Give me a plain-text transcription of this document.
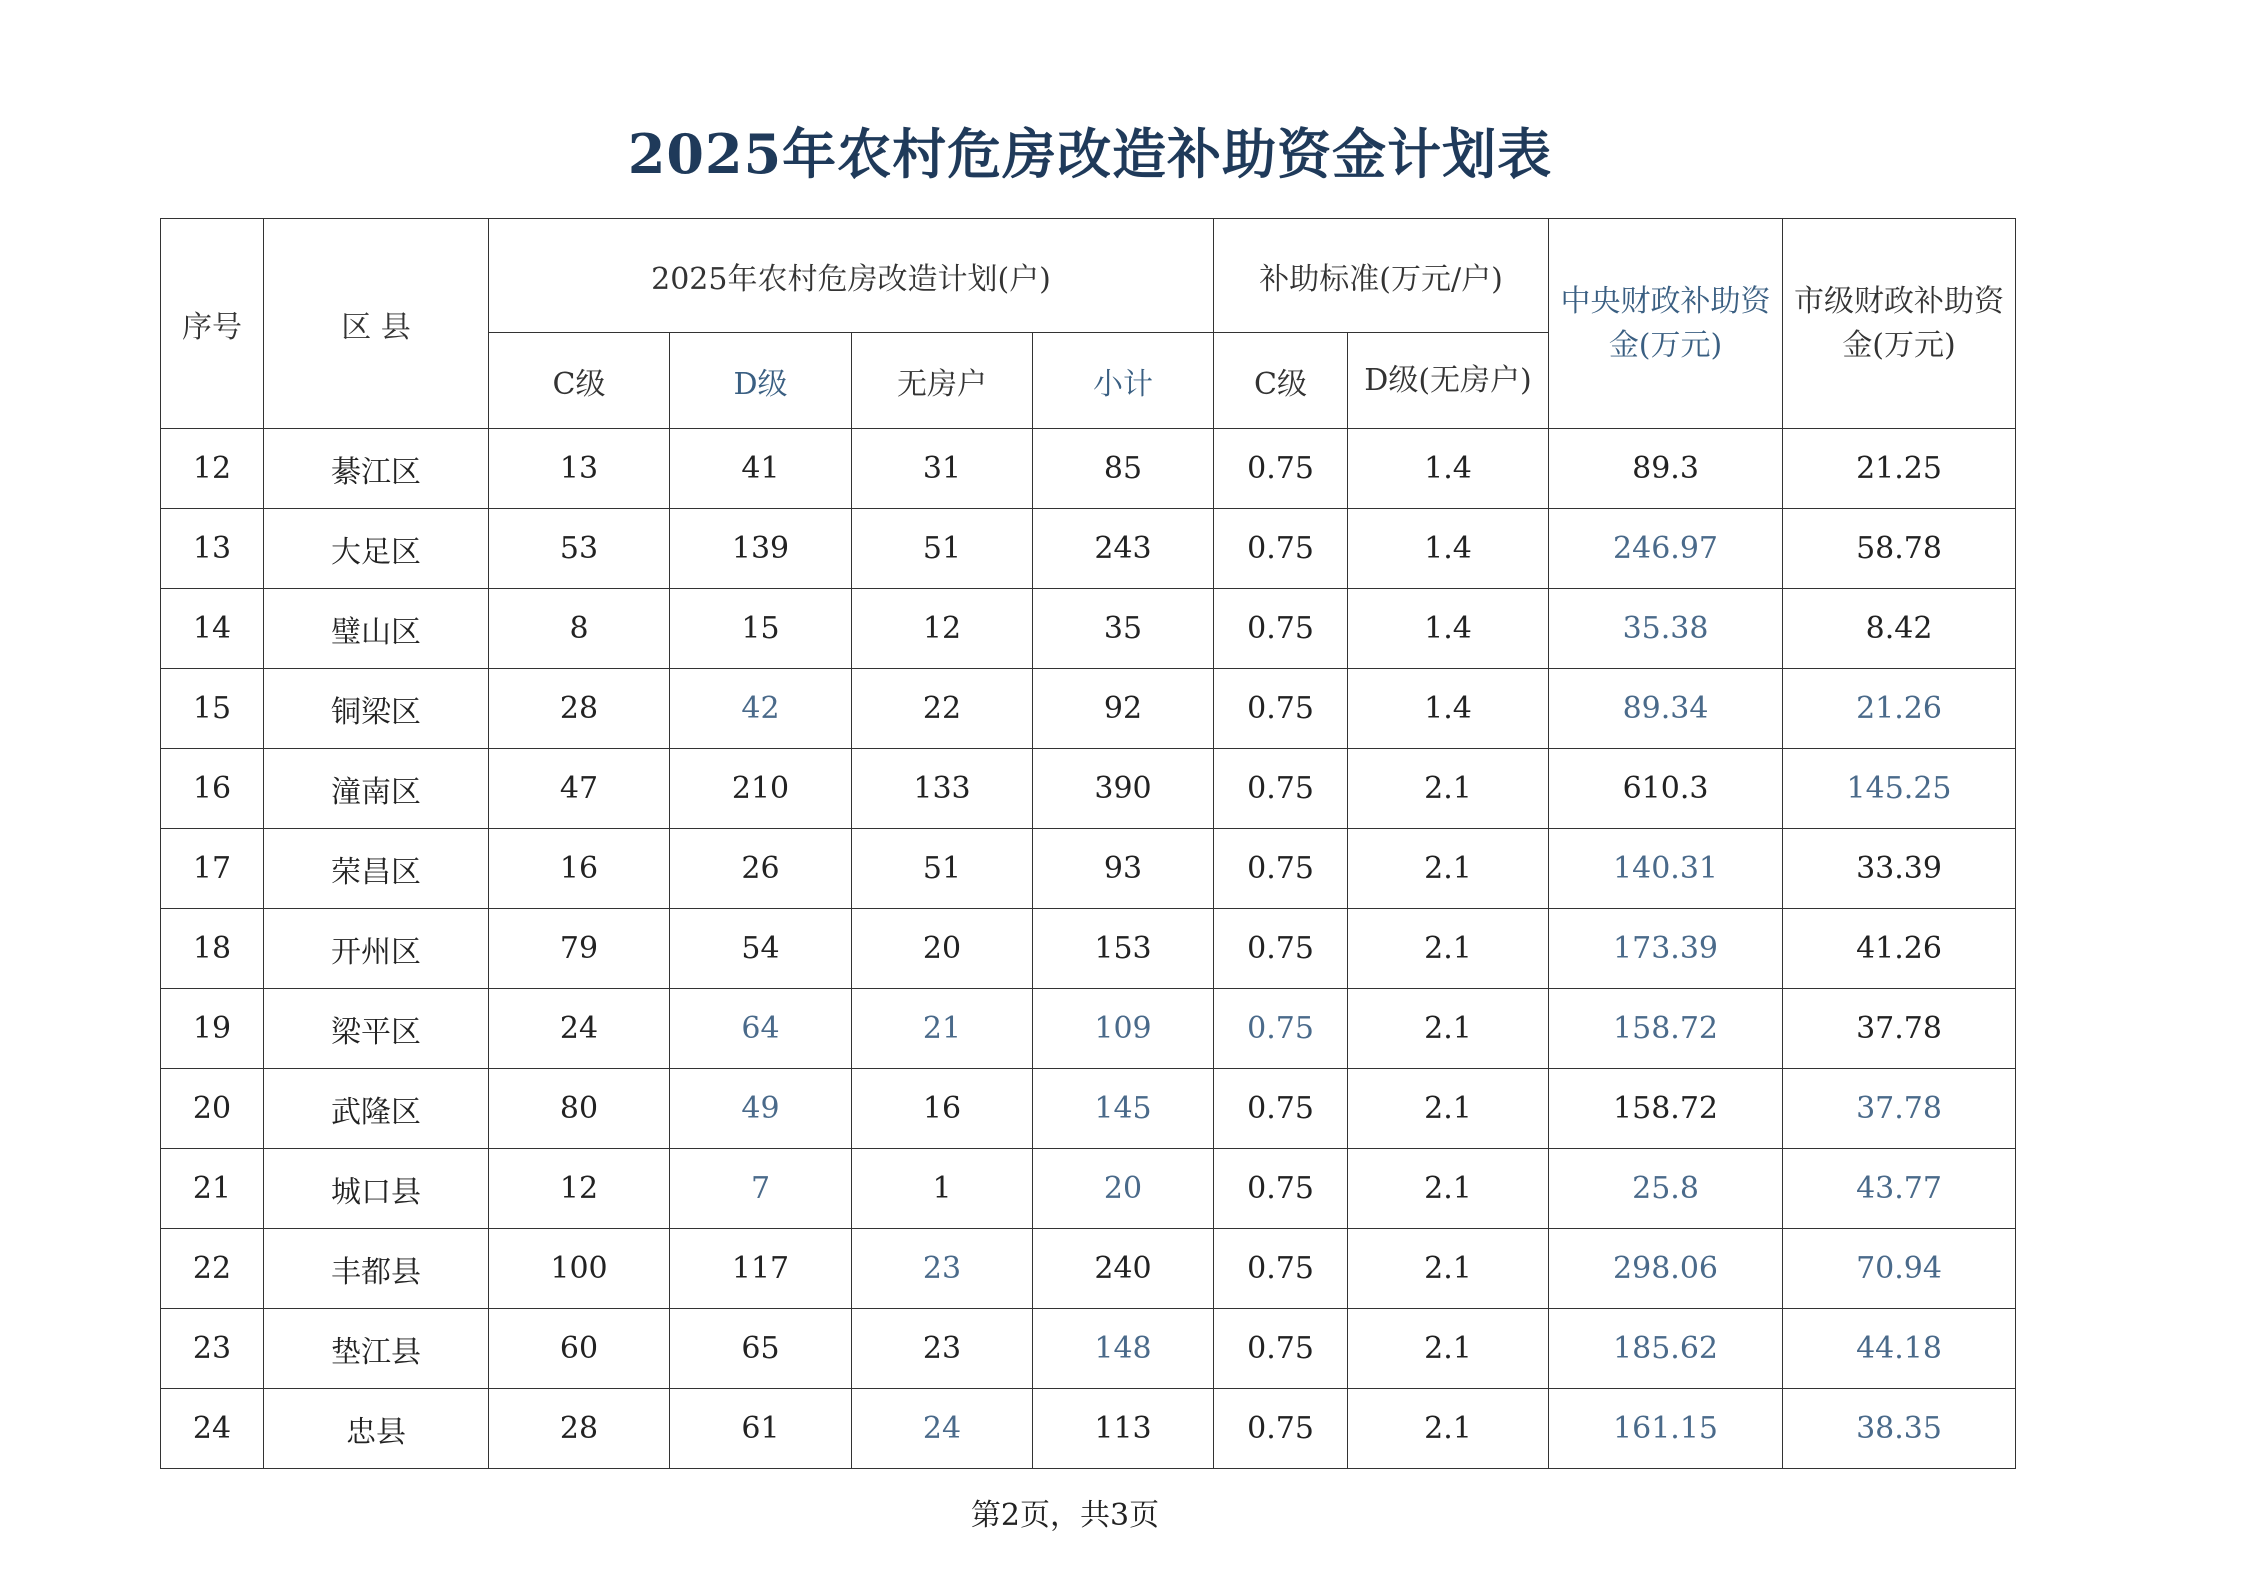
2025年农村危房改造补助资金计划表
序号	区 县	2025年农村危房改造计划(户)				补助标准(万元/户)		中央财政补助资金(万元)	市级财政补助资金(万元)
		C级	D级	无房户	小计	C级	D级(无房户)		
12	綦江区	13	41	31	85	0.75	1.4	89.3	21.25
13	大足区	53	139	51	243	0.75	1.4	246.97	58.78
14	璧山区	8	15	12	35	0.75	1.4	35.38	8.42
15	铜梁区	28	42	22	92	0.75	1.4	89.34	21.26
16	潼南区	47	210	133	390	0.75	2.1	610.3	145.25
17	荣昌区	16	26	51	93	0.75	2.1	140.31	33.39
18	开州区	79	54	20	153	0.75	2.1	173.39	41.26
19	梁平区	24	64	21	109	0.75	2.1	158.72	37.78
20	武隆区	80	49	16	145	0.75	2.1	158.72	37.78
21	城口县	12	7	1	20	0.75	2.1	25.8	43.77
22	丰都县	100	117	23	240	0.75	2.1	298.06	70.94
23	垫江县	60	65	23	148	0.75	2.1	185.62	44.18
24	忠县	28	61	24	113	0.75	2.1	161.15	38.35
第2页，共3页
